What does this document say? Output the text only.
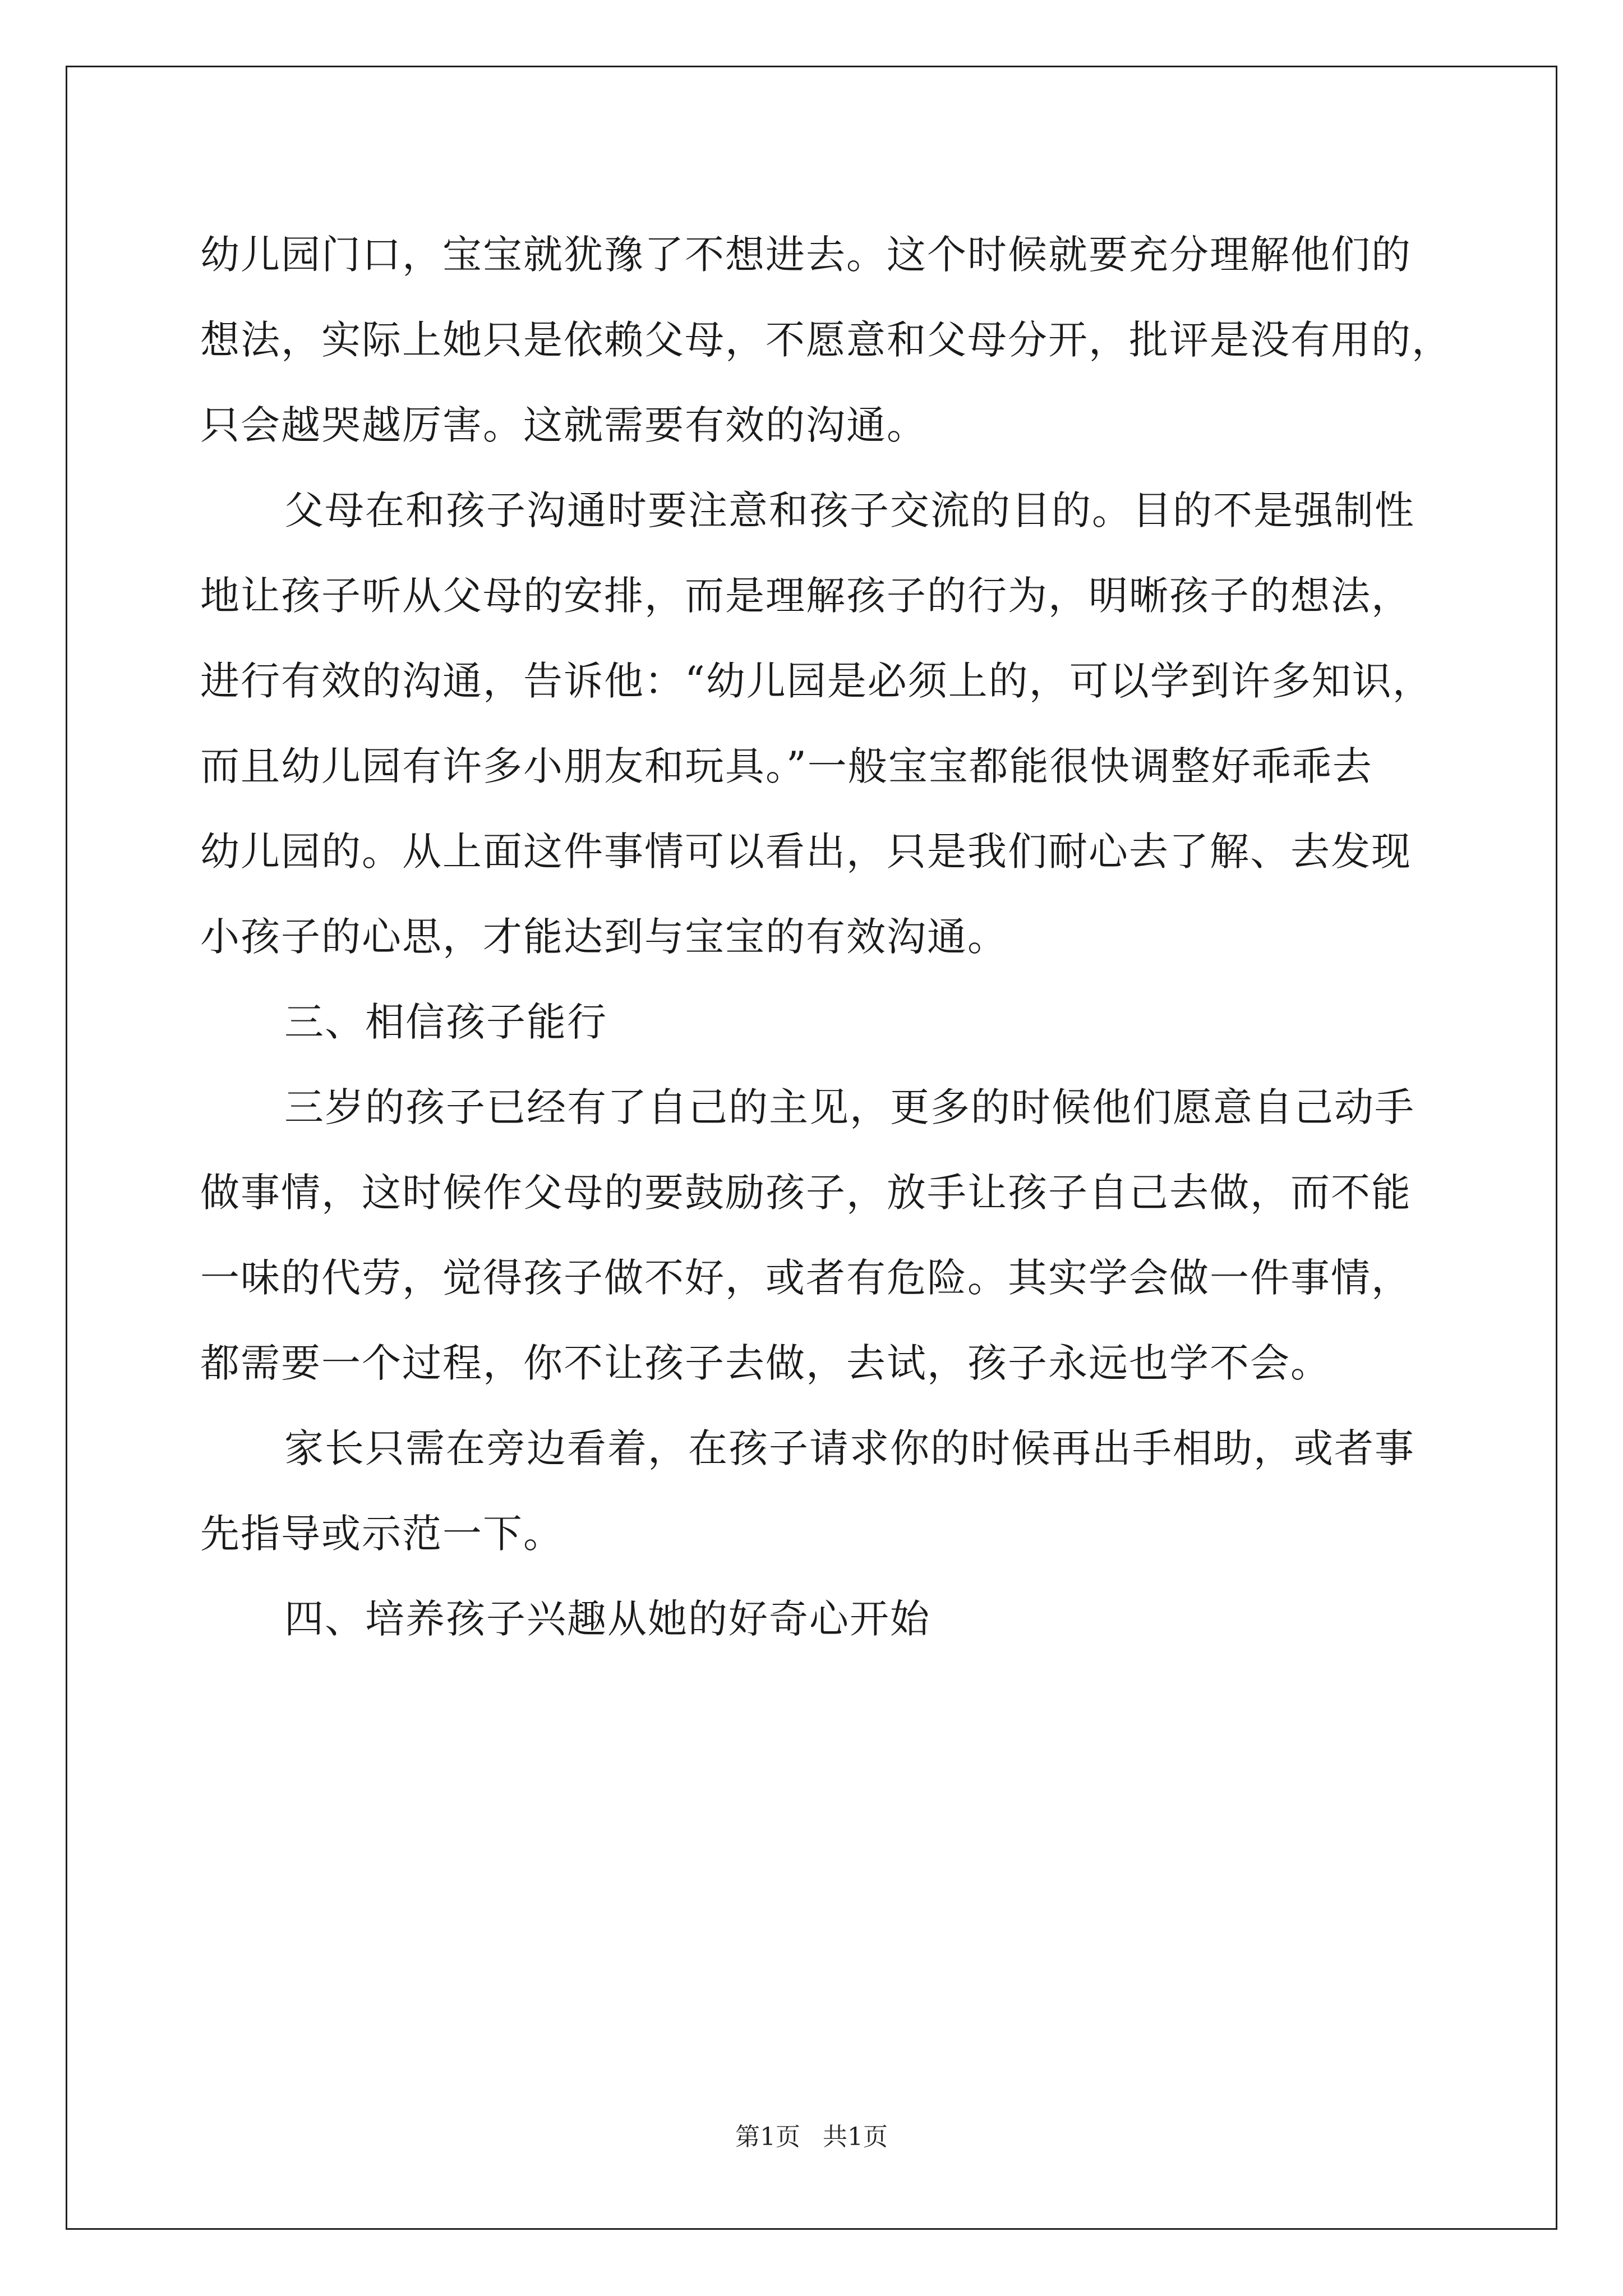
幼儿园门口，宝宝就犹豫了不想进去。这个时候就要充分理解他们的
想法，实际上她只是依赖父母，不愿意和父母分开，批评是没有用的，
只会越哭越厉害。这就需要有效的沟通。
父母在和孩子沟通时要注意和孩子交流的目的。目的不是强制性
地让孩子听从父母的安排，而是理解孩子的行为，明晰孩子的想法，
进行有效的沟通，告诉他：“幼儿园是必须上的，可以学到许多知识，
而且幼儿园有许多小朋友和玩具。”一般宝宝都能很快调整好乖乖去
幼儿园的。从上面这件事情可以看出，只是我们耐心去了解、去发现
小孩子的心思，才能达到与宝宝的有效沟通。
三、相信孩子能行
三岁的孩子已经有了自己的主见，更多的时候他们愿意自己动手
做事情，这时候作父母的要鼓励孩子，放手让孩子自己去做，而不能
一味的代劳，觉得孩子做不好，或者有危险。其实学会做一件事情，
都需要一个过程，你不让孩子去做，去试，孩子永远也学不会。
家长只需在旁边看着，在孩子请求你的时候再出手相助，或者事
先指导或示范一下。
四、培养孩子兴趣从她的好奇心开始
第1页 共1页
